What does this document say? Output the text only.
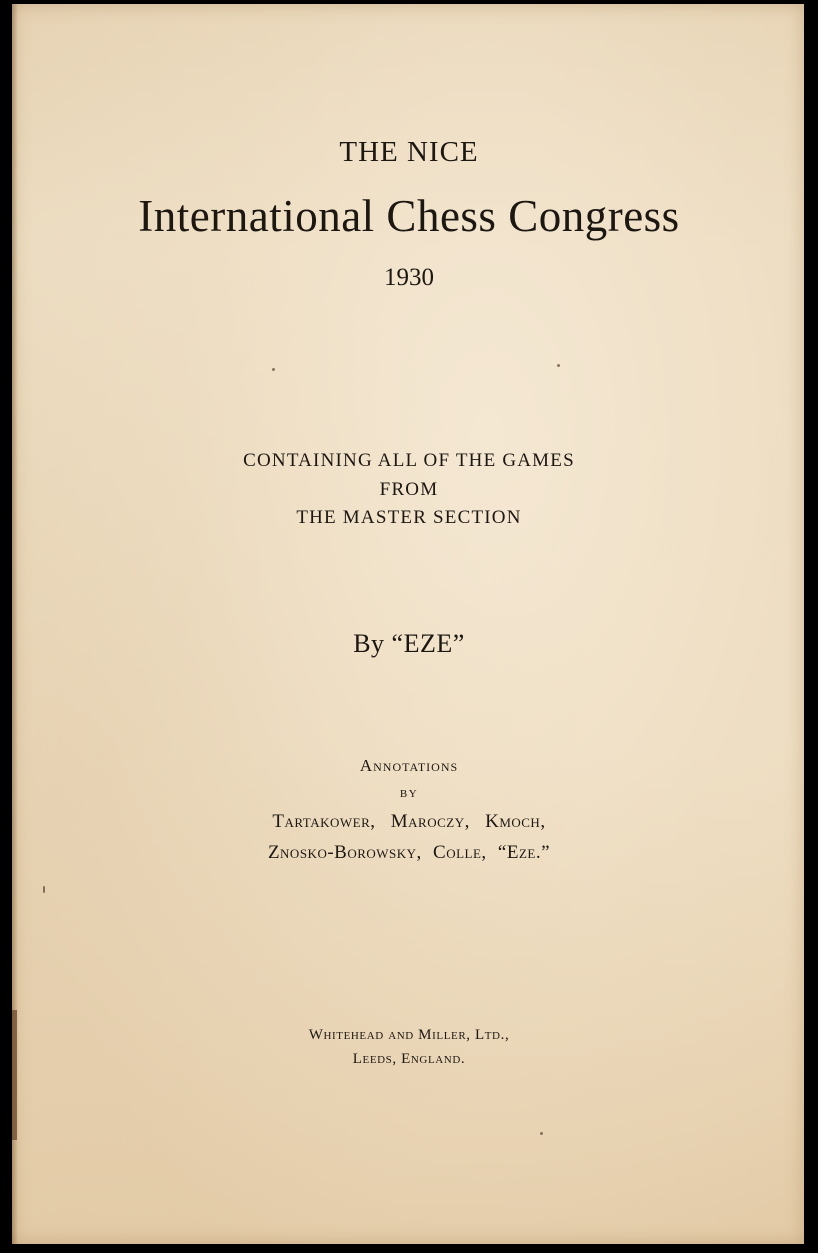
THE NICE
International Chess Congress
1930
CONTAINING ALL OF THE GAMES
FROM
THE MASTER SECTION
By “EZE”
Annotations
by
Tartakower, Maroczy, Kmoch,
Znosko-Borowsky, Colle, “Eze.”
Whitehead and Miller, Ltd.,
Leeds, England.
